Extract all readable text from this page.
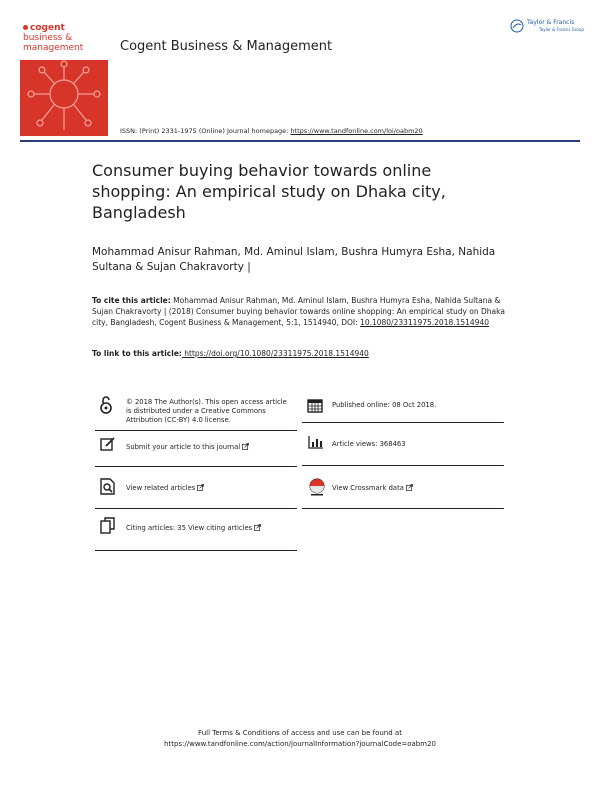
cogent
business &
management	Cogent Business & Management
Taylor & Francis
Taylor & Francis Group
ISSN: (Print) 2331-1975 (Online) Journal homepage: https://www.tandfonline.com/loi/oabm20
Consumer buying behavior towards online shopping: An empirical study on Dhaka city, Bangladesh
Mohammad Anisur Rahman, Md. Aminul Islam, Bushra Humyra Esha, Nahida Sultana & Sujan Chakravorty |
To cite this article: Mohammad Anisur Rahman, Md. Aminul Islam, Bushra Humyra Esha, Nahida Sultana & Sujan Chakravorty | (2018) Consumer buying behavior towards online shopping: An empirical study on Dhaka city, Bangladesh, Cogent Business & Management, 5:1, 1514940, DOI: 10.1080/23311975.2018.1514940
To link to this article: https://doi.org/10.1080/23311975.2018.1514940
© 2018 The Author(s). This open access article is distributed under a Creative Commons Attribution (CC-BY) 4.0 license.
Submit your article to this journal
View related articles
Citing articles: 35 View citing articles
Published online: 08 Oct 2018.
Article views: 368463
View Crossmark data
Full Terms & Conditions of access and use can be found at
https://www.tandfonline.com/action/journalInformation?journalCode=oabm20
